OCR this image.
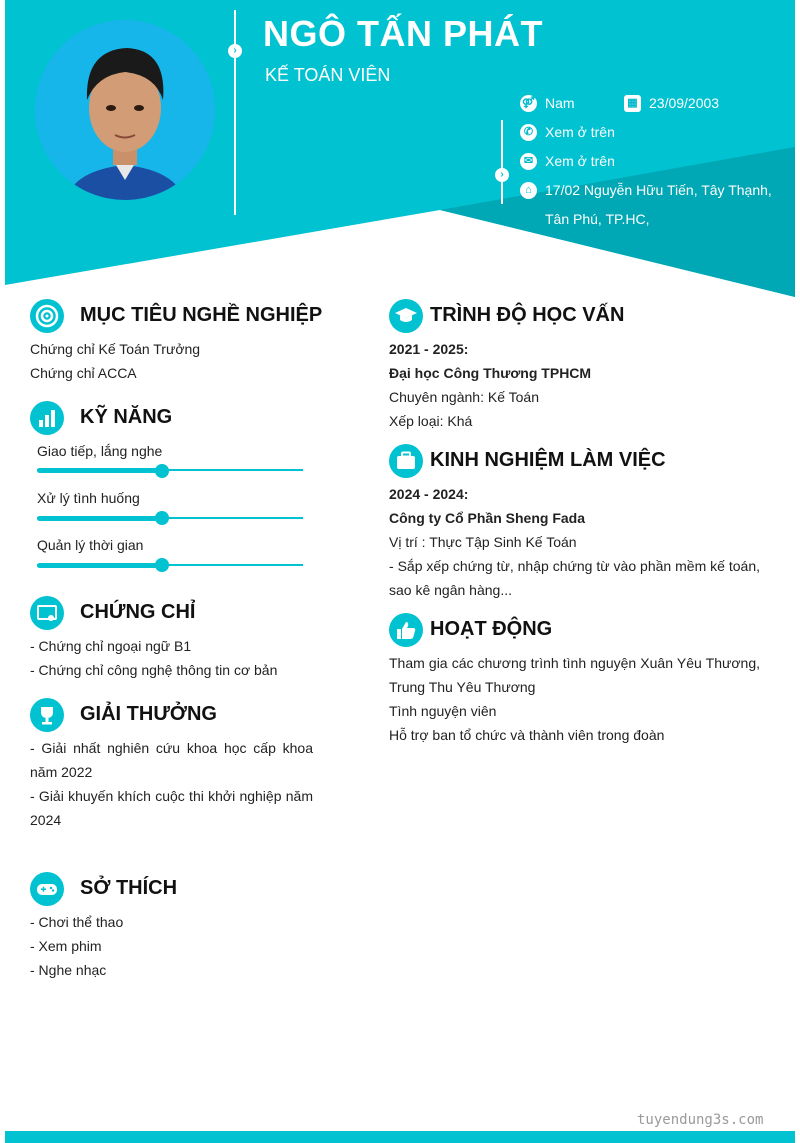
› NGÔ TẤN PHÁT
KẾ TOÁN VIÊN
⚤ Nam	▦ 23/09/2003
›
✆ Xem ở trên
✉ Xem ở trên
⌂ 17/02 Nguyễn Hữu Tiến, Tây Thạnh,
Tân Phú, TP.HC,
MỤC TIÊU NGHỀ NGHIỆP
Chứng chỉ Kế Toán Trưởng
Chứng chỉ ACCA
KỸ NĂNG
Giao tiếp, lắng nghe
Xử lý tình huống
Quản lý thời gian
CHỨNG CHỈ
- Chứng chỉ ngoại ngữ B1
- Chứng chỉ công nghệ thông tin cơ bản
GIẢI THƯỞNG
- Giải nhất nghiên cứu khoa học cấp khoa
năm 2022
- Giải khuyến khích cuộc thi khởi nghiệp năm
2024
SỞ THÍCH
- Chơi thể thao
- Xem phim
- Nghe nhạc
TRÌNH ĐỘ HỌC VẤN
2021 - 2025:
Đại học Công Thương TPHCM
Chuyên ngành: Kế Toán
Xếp loại: Khá
KINH NGHIỆM LÀM VIỆC
2024 - 2024:
Công ty Cổ Phần Sheng Fada
Vị trí : Thực Tập Sinh Kế Toán
- Sắp xếp chứng từ, nhập chứng từ vào phần mềm kế toán,
sao kê ngân hàng...
HOẠT ĐỘNG
Tham gia các chương trình tình nguyện Xuân Yêu Thương,
Trung Thu Yêu Thương
Tình nguyện viên
Hỗ trợ ban tổ chức và thành viên trong đoàn
tuyendung3s.com
